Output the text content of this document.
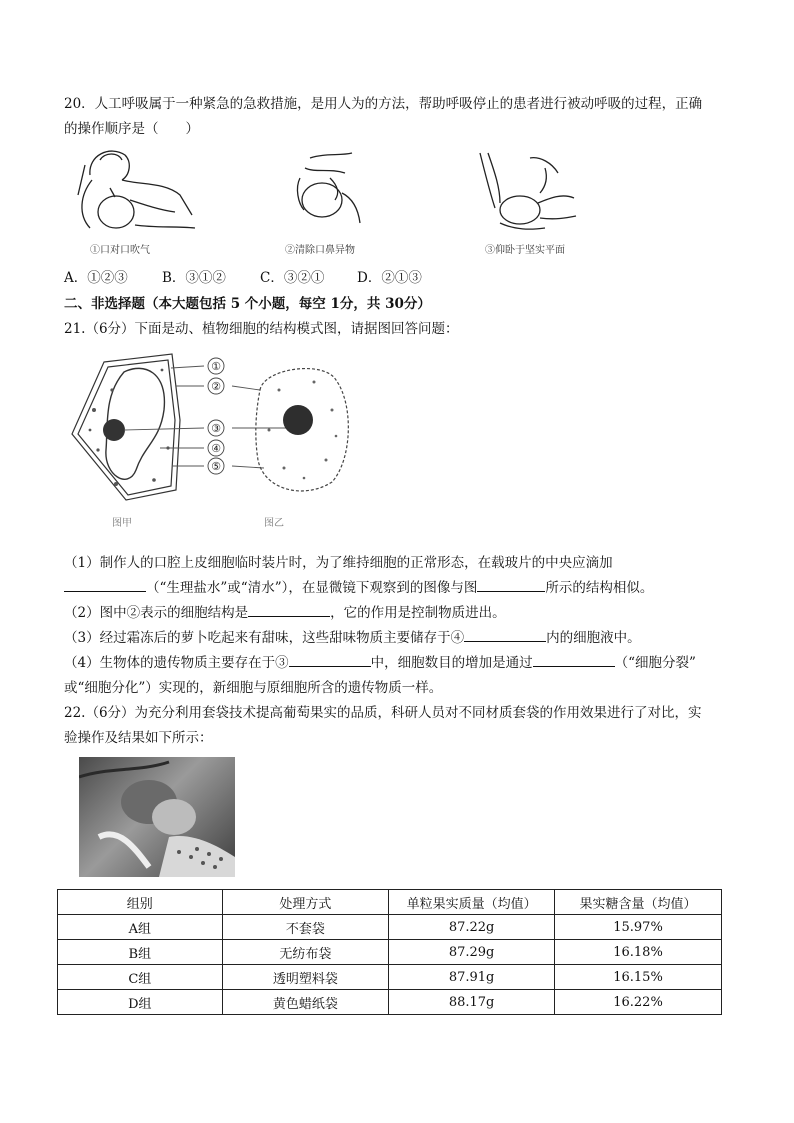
20．人工呼吸属于一种紧急的急救措施，是用人为的方法，帮助呼吸停止的患者进行被动呼吸的过程，正确
的操作顺序是（　　）
①口对口吹气	②清除口鼻异物	③仰卧于坚实平面
A．①②③	B．③①②	C．③②① D．②①③
二、非选择题（本大题包括 5 个小题，每空 1分，共 30分）
21.（6分）下面是动、植物细胞的结构模式图，请据图回答问题：
①
②
③
④
⑤
图甲	图乙
（1）制作人的口腔上皮细胞临时装片时，为了维持细胞的正常形态，在载玻片的中央应滴加
（“生理盐水”或“清水”），在显微镜下观察到的图像与图	所示的结构相似。
（2）图中②表示的细胞结构是	，它的作用是控制物质进出。
（3）经过霜冻后的萝卜吃起来有甜味，这些甜味物质主要储存于④	内的细胞液中。
（4）生物体的遗传物质主要存在于③	中，细胞数目的增加是通过	（“细胞分裂”
或“细胞分化”）实现的，新细胞与原细胞所含的遗传物质一样。
22.（6分）为充分利用套袋技术提高葡萄果实的品质，科研人员对不同材质套袋的作用效果进行了对比，实
验操作及结果如下所示：
组别	处理方式	单粒果实质量（均值）	果实糖含量（均值）
A组	不套袋	87.22g	15.97%
B组	无纺布袋	87.29g	16.18%
C组	透明塑料袋	87.91g	16.15%
D组	黄色蜡纸袋	88.17g	16.22%
